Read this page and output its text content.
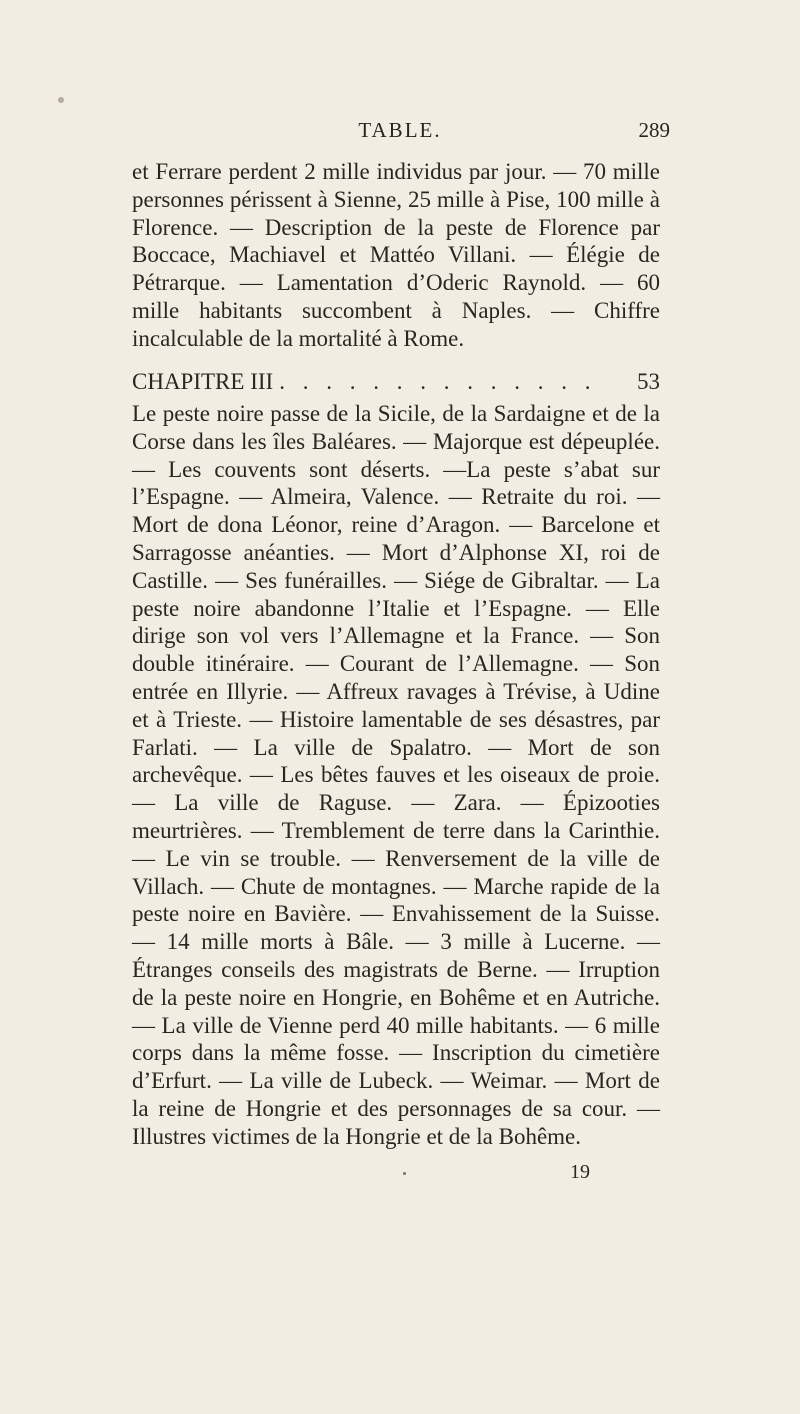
TABLE.	289
et Ferrare perdent 2 mille individus par jour. — 70 mille personnes périssent à Sienne, 25 mille à Pise, 100 mille à Florence. — Description de la peste de Florence par Boccace, Machiavel et Mattéo Villani. — Élégie de Pétrarque. — Lamentation d’Oderic Raynold. — 60 mille habitants succombent à Naples. — Chiffre incalculable de la mortalité à Rome.
CHAPITRE III . . . . . . . . . . . . . .	53
Le peste noire passe de la Sicile, de la Sardaigne et de la Corse dans les îles Baléares. — Majorque est dépeuplée. — Les couvents sont déserts. —La peste s’abat sur l’Espagne. — Almeira, Valence. — Retraite du roi. — Mort de dona Léonor, reine d’Aragon. — Barcelone et Sarragosse anéanties. — Mort d’Alphonse XI, roi de Castille. — Ses funérailles. — Siége de Gibraltar. — La peste noire abandonne l’Italie et l’Espagne. — Elle dirige son vol vers l’Allemagne et la France. — Son double itinéraire. — Courant de l’Allemagne. — Son entrée en Illyrie. — Affreux ravages à Trévise, à Udine et à Trieste. — Histoire lamentable de ses désastres, par Farlati. — La ville de Spalatro. — Mort de son archevêque. — Les bêtes fauves et les oiseaux de proie. — La ville de Raguse. — Zara. — Épizooties meurtrières. — Tremblement de terre dans la Carinthie. — Le vin se trouble. — Renversement de la ville de Villach. — Chute de montagnes. — Marche rapide de la peste noire en Bavière. — Envahissement de la Suisse. — 14 mille morts à Bâle. — 3 mille à Lucerne. — Étranges conseils des magistrats de Berne. — Irruption de la peste noire en Hongrie, en Bohême et en Autriche. — La ville de Vienne perd 40 mille habitants. — 6 mille corps dans la même fosse. — Inscription du cimetière d’Erfurt. — La ville de Lubeck. — Weimar. — Mort de la reine de Hongrie et des personnages de sa cour. — Illustres victimes de la Hongrie et de la Bohême.
19
